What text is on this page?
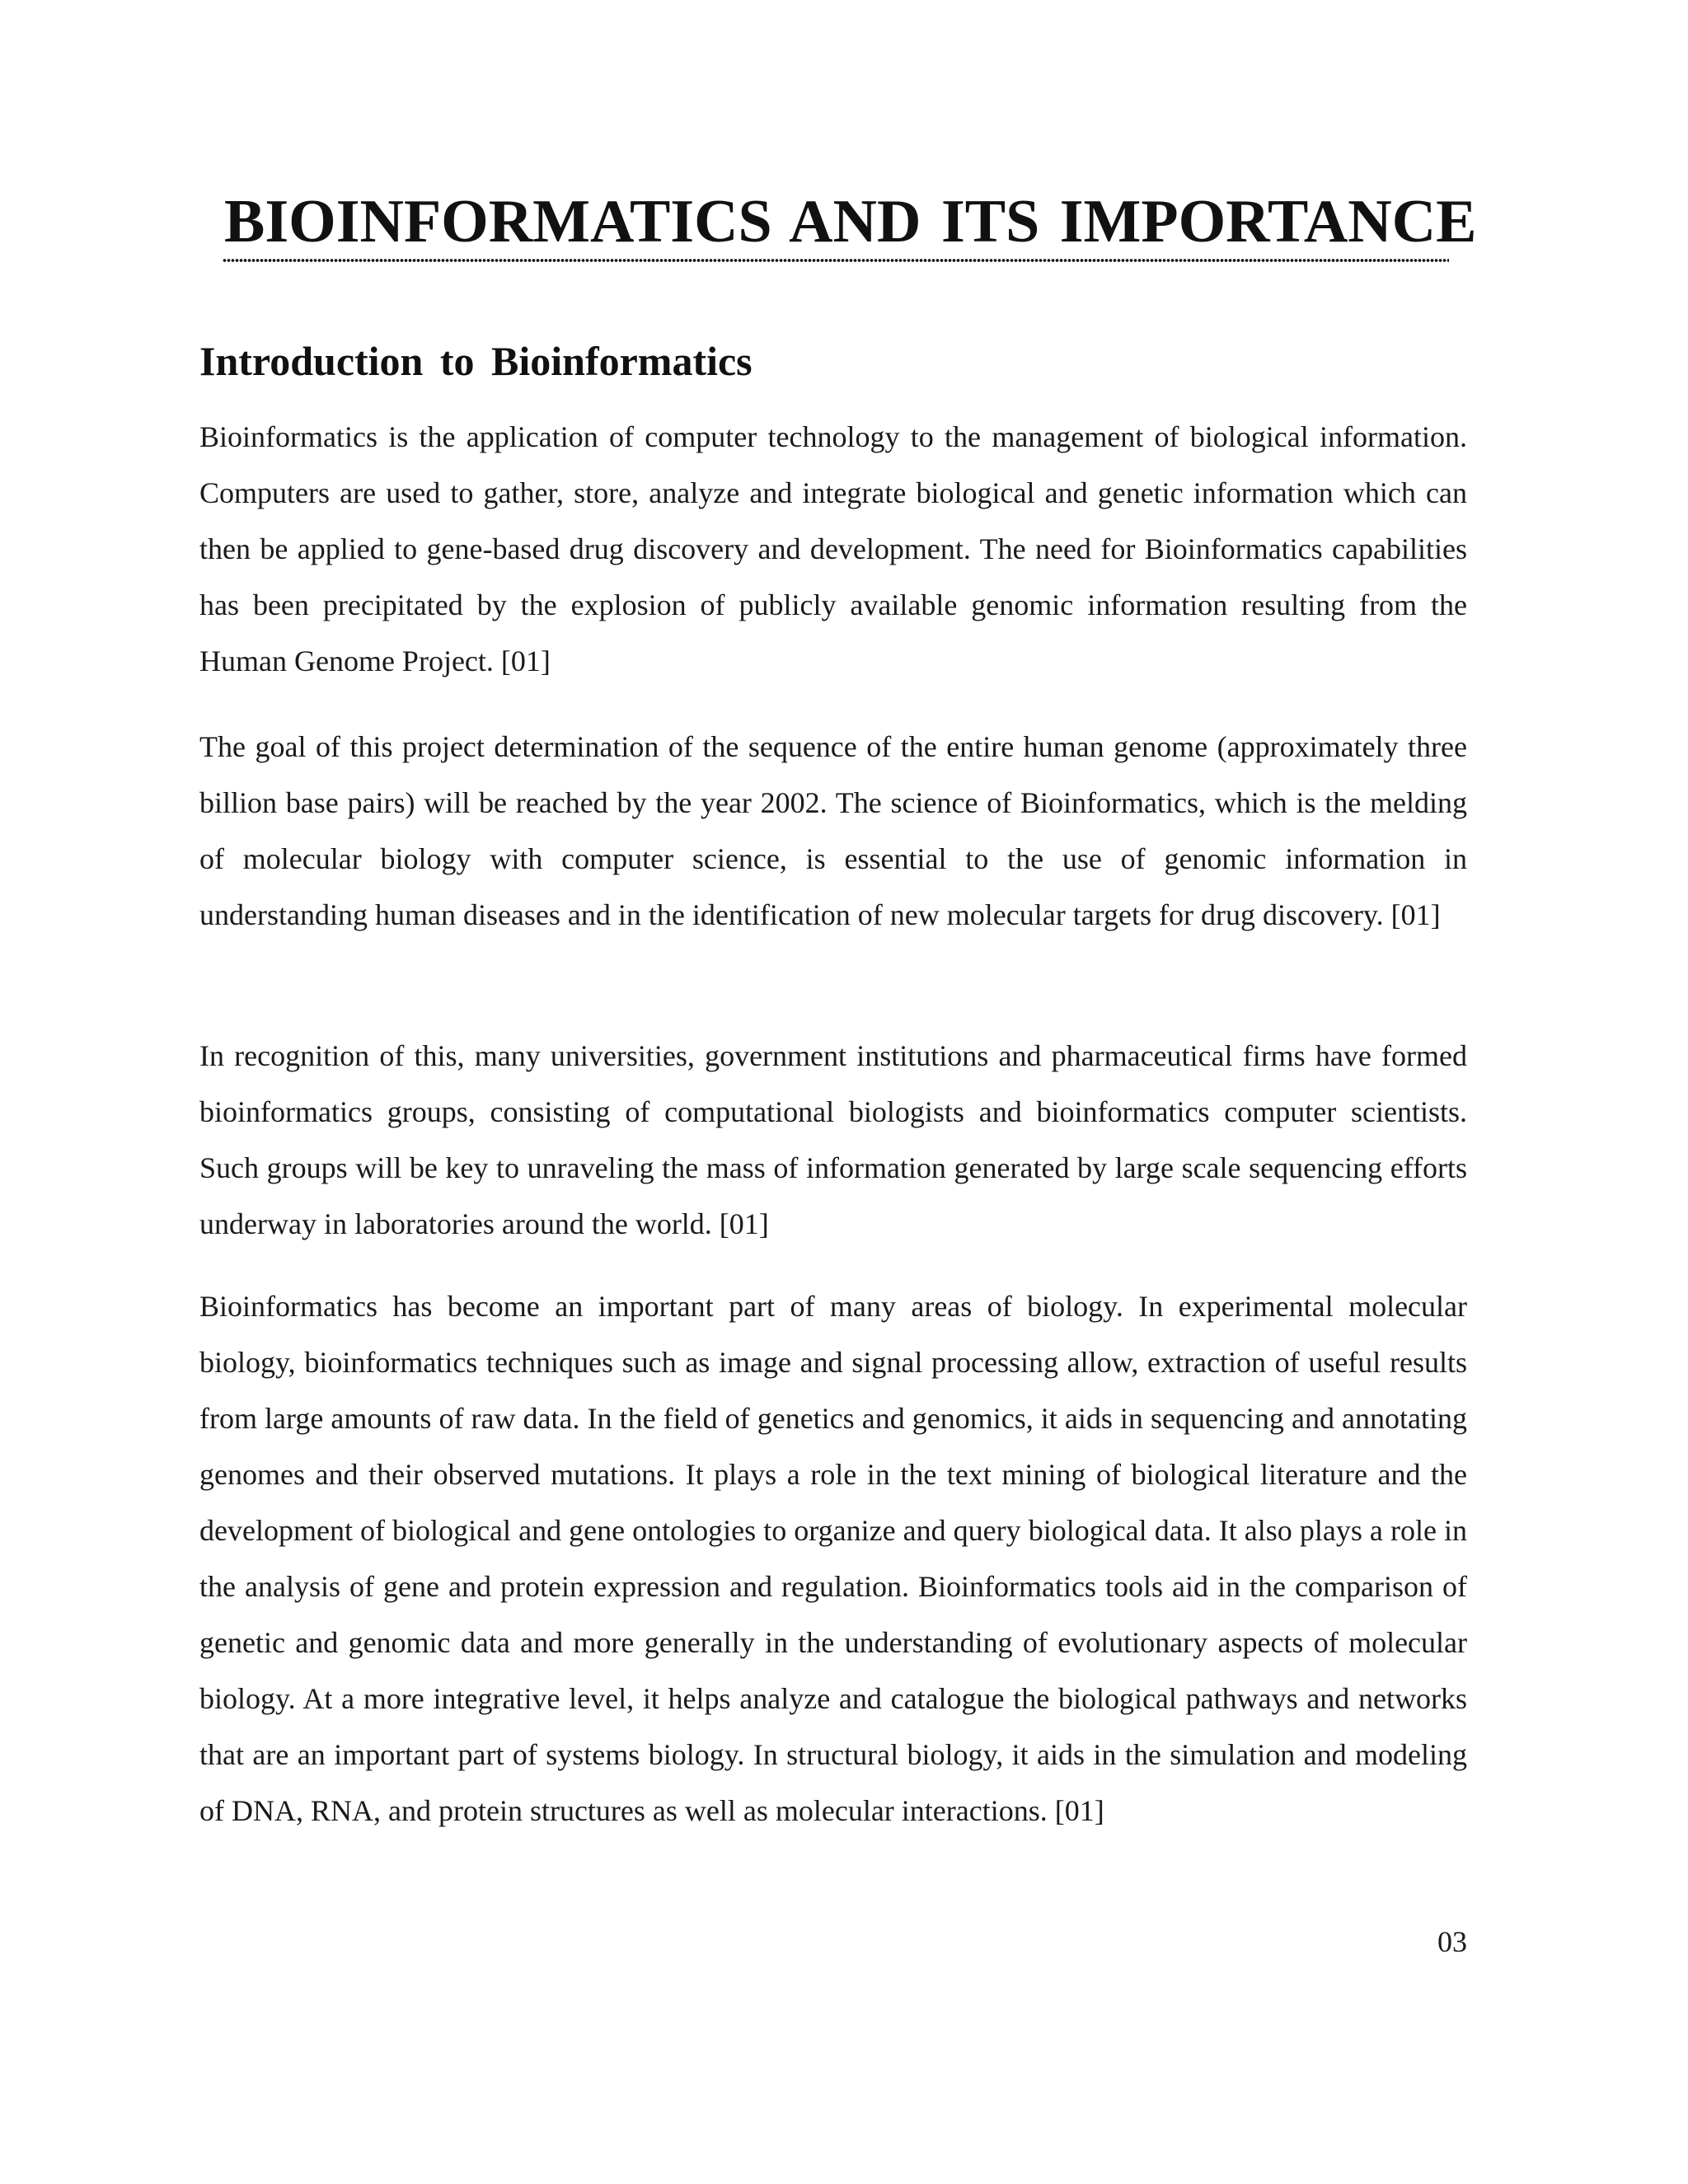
BIOINFORMATICS AND ITS IMPORTANCE
Introduction to Bioinformatics

Bioinformatics is the application of computer technology to the management of biological information. Computers are used to gather, store, analyze and integrate biological and genetic information which can then be applied to gene-based drug discovery and development. The need for Bioinformatics capabilities has been precipitated by the explosion of publicly available genomic information resulting from the Human Genome Project. [01]

The goal of this project determination of the sequence of the entire human genome (approximately three billion base pairs) will be reached by the year 2002. The science of Bioinformatics, which is the melding of molecular biology with computer science, is essential to the use of genomic information in understanding human diseases and in the identification of new molecular targets for drug discovery. [01]

In recognition of this, many universities, government institutions and pharmaceutical firms have formed bioinformatics groups, consisting of computational biologists and bioinformatics computer scientists. Such groups will be key to unraveling the mass of information generated by large scale sequencing efforts underway in laboratories around the world. [01]

Bioinformatics has become an important part of many areas of biology. In experimental molecular biology, bioinformatics techniques such as image and signal processing allow, extraction of useful results from large amounts of raw data. In the field of genetics and genomics, it aids in sequencing and annotating genomes and their observed mutations. It plays a role in the text mining of biological literature and the development of biological and gene ontologies to organize and query biological data. It also plays a role in the analysis of gene and protein expression and regulation. Bioinformatics tools aid in the comparison of genetic and genomic data and more generally in the understanding of evolutionary aspects of molecular biology. At a more integrative level, it helps analyze and catalogue the biological pathways and networks that are an important part of systems biology. In structural biology, it aids in the simulation and modeling of DNA, RNA, and protein structures as well as molecular interactions. [01]

03
